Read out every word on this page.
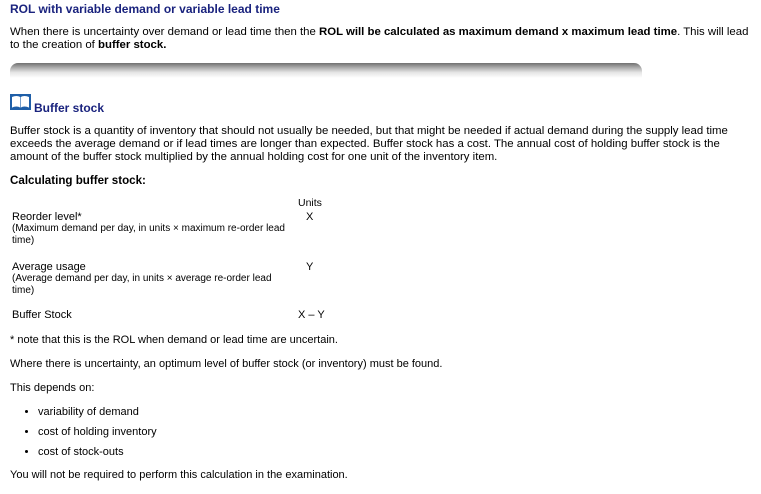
ROL with variable demand or variable lead time
When there is uncertainty over demand or lead time then the ROL will be calculated as maximum demand x maximum lead time. This will lead to the creation of buffer stock.
Buffer stock
Buffer stock is a quantity of inventory that should not usually be needed, but that might be needed if actual demand during the supply lead time exceeds the average demand or if lead times are longer than expected. Buffer stock has a cost. The annual cost of holding buffer stock is the amount of the buffer stock multiplied by the annual holding cost for one unit of the inventory item.
Calculating buffer stock:
Units
Reorder level*
(Maximum demand per day, in units × maximum re-order lead time)
X
Average usage
(Average demand per day, in units × average re-order lead time)
Y
Buffer Stock	X – Y
* note that this is the ROL when demand or lead time are uncertain.
Where there is uncertainty, an optimum level of buffer stock (or inventory) must be found.
This depends on:
• variability of demand
• cost of holding inventory
• cost of stock-outs
You will not be required to perform this calculation in the examination.
